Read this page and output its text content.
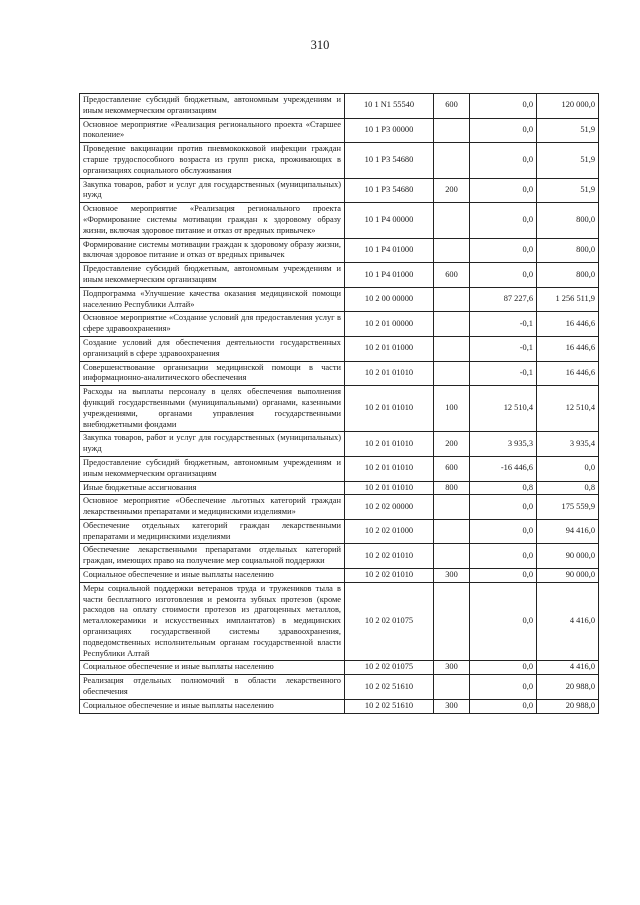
310
Предоставление субсидий бюджетным, автономным учреждениям и иным некоммерческим организациям	10 1 N1 55540	600	0,0	120 000,0
Основное мероприятие «Реализация регионального проекта «Старшее поколение»	10 1 P3 00000		0,0	51,9
Проведение вакцинации против пневмококковой инфекции граждан старше трудоспособного возраста из групп риска, проживающих в организациях социального обслуживания	10 1 P3 54680		0,0	51,9
Закупка товаров, работ и услуг для государственных (муниципальных) нужд	10 1 P3 54680	200	0,0	51,9
Основное мероприятие «Реализация регионального проекта «Формирование системы мотивации граждан к здоровому образу жизни, включая здоровое питание и отказ от вредных привычек»	10 1 P4 00000		0,0	800,0
Формирование системы мотивации граждан к здоровому образу жизни, включая здоровое питание и отказ от вредных привычек	10 1 P4 01000		0,0	800,0
Предоставление субсидий бюджетным, автономным учреждениям и иным некоммерческим организациям	10 1 P4 01000	600	0,0	800,0
Подпрограмма «Улучшение качества оказания медицинской помощи населению Республики Алтай»	10 2 00 00000		87 227,6	1 256 511,9
Основное мероприятие «Создание условий для предоставления услуг в сфере здравоохранения»	10 2 01 00000		-0,1	16 446,6
Создание условий для обеспечения деятельности государственных организаций в сфере здравоохранения	10 2 01 01000		-0,1	16 446,6
Совершенствование организации медицинской помощи в части информационно-аналитического обеспечения	10 2 01 01010		-0,1	16 446,6
Расходы на выплаты персоналу в целях обеспечения выполнения функций государственными (муниципальными) органами, казенными учреждениями, органами управления государственными внебюджетными фондами	10 2 01 01010	100	12 510,4	12 510,4
Закупка товаров, работ и услуг для государственных (муниципальных) нужд	10 2 01 01010	200	3 935,3	3 935,4
Предоставление субсидий бюджетным, автономным учреждениям и иным некоммерческим организациям	10 2 01 01010	600	-16 446,6	0,0
Иные бюджетные ассигнования	10 2 01 01010	800	0,8	0,8
Основное мероприятие «Обеспечение льготных категорий граждан лекарственными препаратами и медицинскими изделиями»	10 2 02 00000		0,0	175 559,9
Обеспечение отдельных категорий граждан лекарственными препаратами и медицинскими изделиями	10 2 02 01000		0,0	94 416,0
Обеспечение лекарственными препаратами отдельных категорий граждан, имеющих право на получение мер социальной поддержки	10 2 02 01010		0,0	90 000,0
Социальное обеспечение и иные выплаты населению	10 2 02 01010	300	0,0	90 000,0
Меры социальной поддержки ветеранов труда и тружеников тыла в части бесплатного изготовления и ремонта зубных протезов (кроме расходов на оплату стоимости протезов из драгоценных металлов, металлокерамики и искусственных имплантатов) в медицинских организациях государственной системы здравоохранения, подведомственных исполнительным органам государственной власти Республики Алтай	10 2 02 01075		0,0	4 416,0
Социальное обеспечение и иные выплаты населению	10 2 02 01075	300	0,0	4 416,0
Реализация отдельных полномочий в области лекарственного обеспечения	10 2 02 51610		0,0	20 988,0
Социальное обеспечение и иные выплаты населению	10 2 02 51610	300	0,0	20 988,0
